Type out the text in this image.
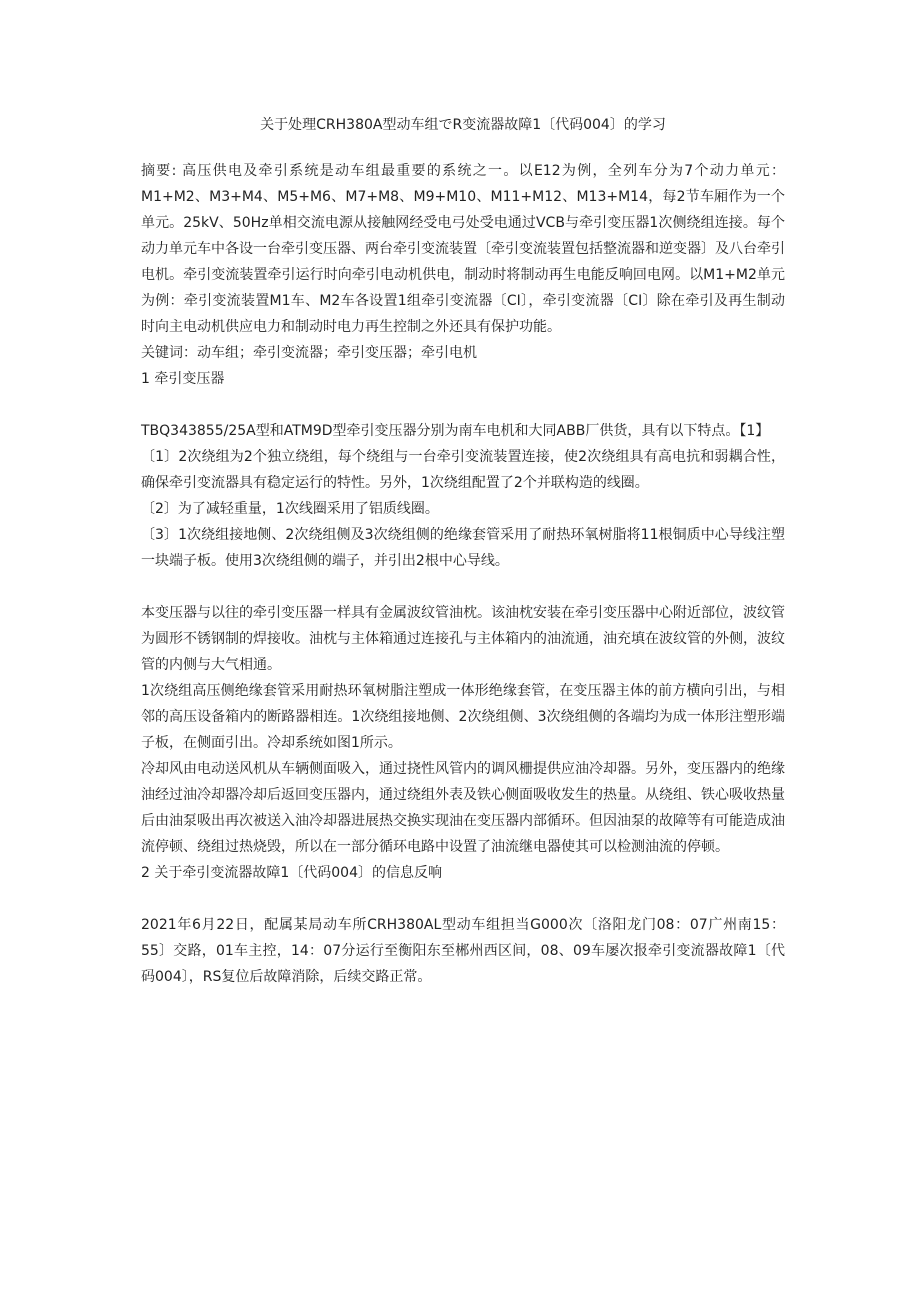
关于处理CRH380A型动车组でR变流器故障1〔代码004〕的学习

摘要: 高压供电及牵引系统是动车组最重要的系统之一。以E12为例，全列车分为7个动力单元：M1+M2、M3+M4、M5+M6、M7+M8、M9+M10、M11+M12、M13+M14，每2节车厢作为一个单元。25kV、50Hz单相交流电源从接触网经受电弓处受电通过VCB与牵引变压器1次侧绕组连接。每个动力单元车中各设一台牵引变压器、两台牵引变流装置〔牵引变流装置包括整流器和逆变器〕及八台牵引电机。牵引变流装置牵引运行时向牵引电动机供电，制动时将制动再生电能反响回电网。以M1+M2单元为例：牵引变流装置M1车、M2车各设置1组牵引变流器〔CI〕，牵引变流器〔CI〕除在牵引及再生制动时向主电动机供应电力和制动时电力再生控制之外还具有保护功能。

关键词：动车组；牵引变流器；牵引变压器；牵引电机

1 牵引变压器

TBQ343855/25A型和ATM9D型牵引变压器分别为南车电机和大同ABB厂供货，具有以下特点。【1】

〔1〕2次绕组为2个独立绕组，每个绕组与一台牵引变流装置连接，使2次绕组具有高电抗和弱耦合性，确保牵引变流器具有稳定运行的特性。另外，1次绕组配置了2个并联构造的线圈。

〔2〕为了减轻重量，1次线圈采用了铝质线圈。

〔3〕1次绕组接地侧、2次绕组侧及3次绕组侧的绝缘套管采用了耐热环氧树脂将11根铜质中心导线注塑一块端子板。使用3次绕组侧的端子，并引出2根中心导线。

本变压器与以往的牵引变压器一样具有金属波纹管油枕。该油枕安装在牵引变压器中心附近部位，波纹管为圆形不锈钢制的焊接收。油枕与主体箱通过连接孔与主体箱内的油流通，油充填在波纹管的外侧，波纹管的内侧与大气相通。

1次绕组高压侧绝缘套管采用耐热环氧树脂注塑成一体形绝缘套管，在变压器主体的前方横向引出，与相邻的高压设备箱内的断路器相连。1次绕组接地侧、2次绕组侧、3次绕组侧的各端均为成一体形注塑形端子板，在侧面引出。冷却系统如图1所示。

冷却风由电动送风机从车辆侧面吸入，通过挠性风管内的调风栅提供应油冷却器。另外，变压器内的绝缘油经过油冷却器冷却后返回变压器内，通过绕组外表及铁心侧面吸收发生的热量。从绕组、铁心吸收热量后由油泵吸出再次被送入油冷却器进展热交换实现油在变压器内部循环。但因油泵的故障等有可能造成油流停顿、绕组过热烧毁，所以在一部分循环电路中设置了油流继电器使其可以检测油流的停顿。

2 关于牵引变流器故障1〔代码004〕的信息反响

2021年6月22日，配属某局动车所CRH380AL型动车组担当G000次〔洛阳龙门08：07广州南15：55〕交路，01车主控，14：07分运行至衡阳东至郴州西区间，08、09车屡次报牵引变流器故障1〔代码004〕，RS复位后故障消除，后续交路正常。
